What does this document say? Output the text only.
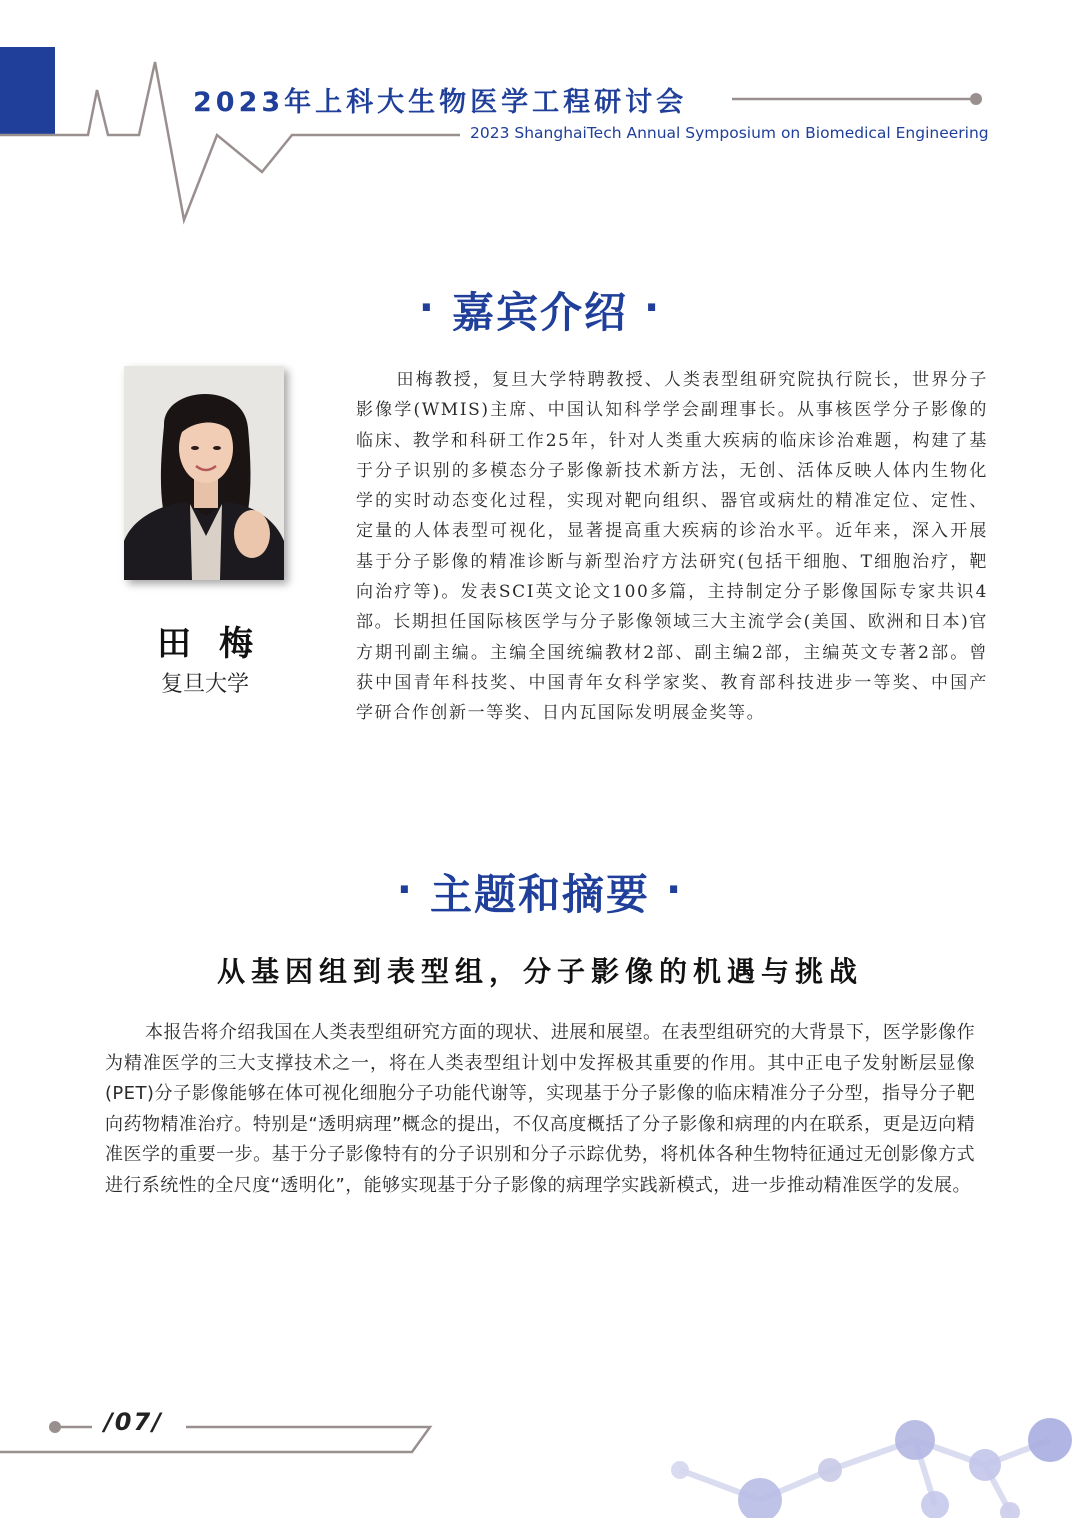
2023年上科大生物医学工程研讨会
2023 ShanghaiTech Annual Symposium on Biomedical Engineering
· 嘉宾介绍 ·
田梅
复旦大学
田梅教授，复旦大学特聘教授、人类表型组研究院执行院长，世界分子影像学(WMIS)主席、中国认知科学学会副理事长。从事核医学分子影像的临床、教学和科研工作25年，针对人类重大疾病的临床诊治难题，构建了基于分子识别的多模态分子影像新技术新方法，无创、活体反映人体内生物化学的实时动态变化过程，实现对靶向组织、器官或病灶的精准定位、定性、定量的人体表型可视化，显著提高重大疾病的诊治水平。近年来，深入开展基于分子影像的精准诊断与新型治疗方法研究(包括干细胞、T细胞治疗，靶向治疗等)。发表SCI英文论文100多篇，主持制定分子影像国际专家共识4部。长期担任国际核医学与分子影像领域三大主流学会(美国、欧洲和日本)官方期刊副主编。主编全国统编教材2部、副主编2部，主编英文专著2部。曾获中国青年科技奖、中国青年女科学家奖、教育部科技进步一等奖、中国产学研合作创新一等奖、日内瓦国际发明展金奖等。
· 主题和摘要 ·
从基因组到表型组，分子影像的机遇与挑战
本报告将介绍我国在人类表型组研究方面的现状、进展和展望。在表型组研究的大背景下，医学影像作为精准医学的三大支撑技术之一，将在人类表型组计划中发挥极其重要的作用。其中正电子发射断层显像(PET)分子影像能够在体可视化细胞分子功能代谢等，实现基于分子影像的临床精准分子分型，指导分子靶向药物精准治疗。特别是“透明病理”概念的提出，不仅高度概括了分子影像和病理的内在联系，更是迈向精准医学的重要一步。基于分子影像特有的分子识别和分子示踪优势，将机体各种生物特征通过无创影像方式进行系统性的全尺度“透明化”，能够实现基于分子影像的病理学实践新模式，进一步推动精准医学的发展。
/07/
